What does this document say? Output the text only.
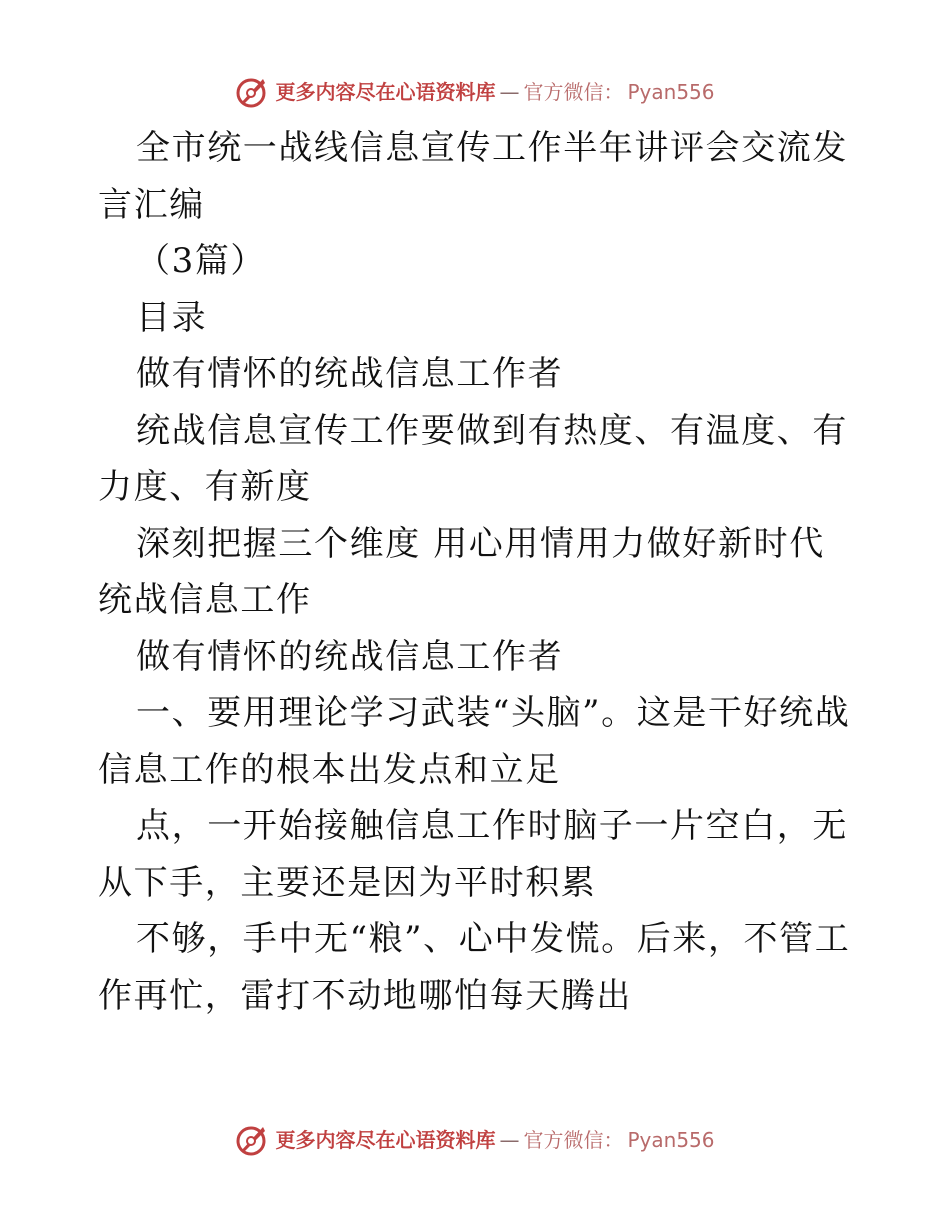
更多内容尽在心语资料库 — 官方微信： Pyan556

全市统一战线信息宣传工作半年讲评会交流发言汇编

（3篇）

目录

做有情怀的统战信息工作者

统战信息宣传工作要做到有热度、有温度、有力度、有新度

深刻把握三个维度 用心用情用力做好新时代统战信息工作

做有情怀的统战信息工作者

一、要用理论学习武装“头脑”。这是干好统战信息工作的根本出发点和立足

点，一开始接触信息工作时脑子一片空白，无从下手，主要还是因为平时积累

不够，手中无“粮”、心中发慌。后来，不管工作再忙，雷打不动地哪怕每天腾出

更多内容尽在心语资料库 — 官方微信： Pyan556
